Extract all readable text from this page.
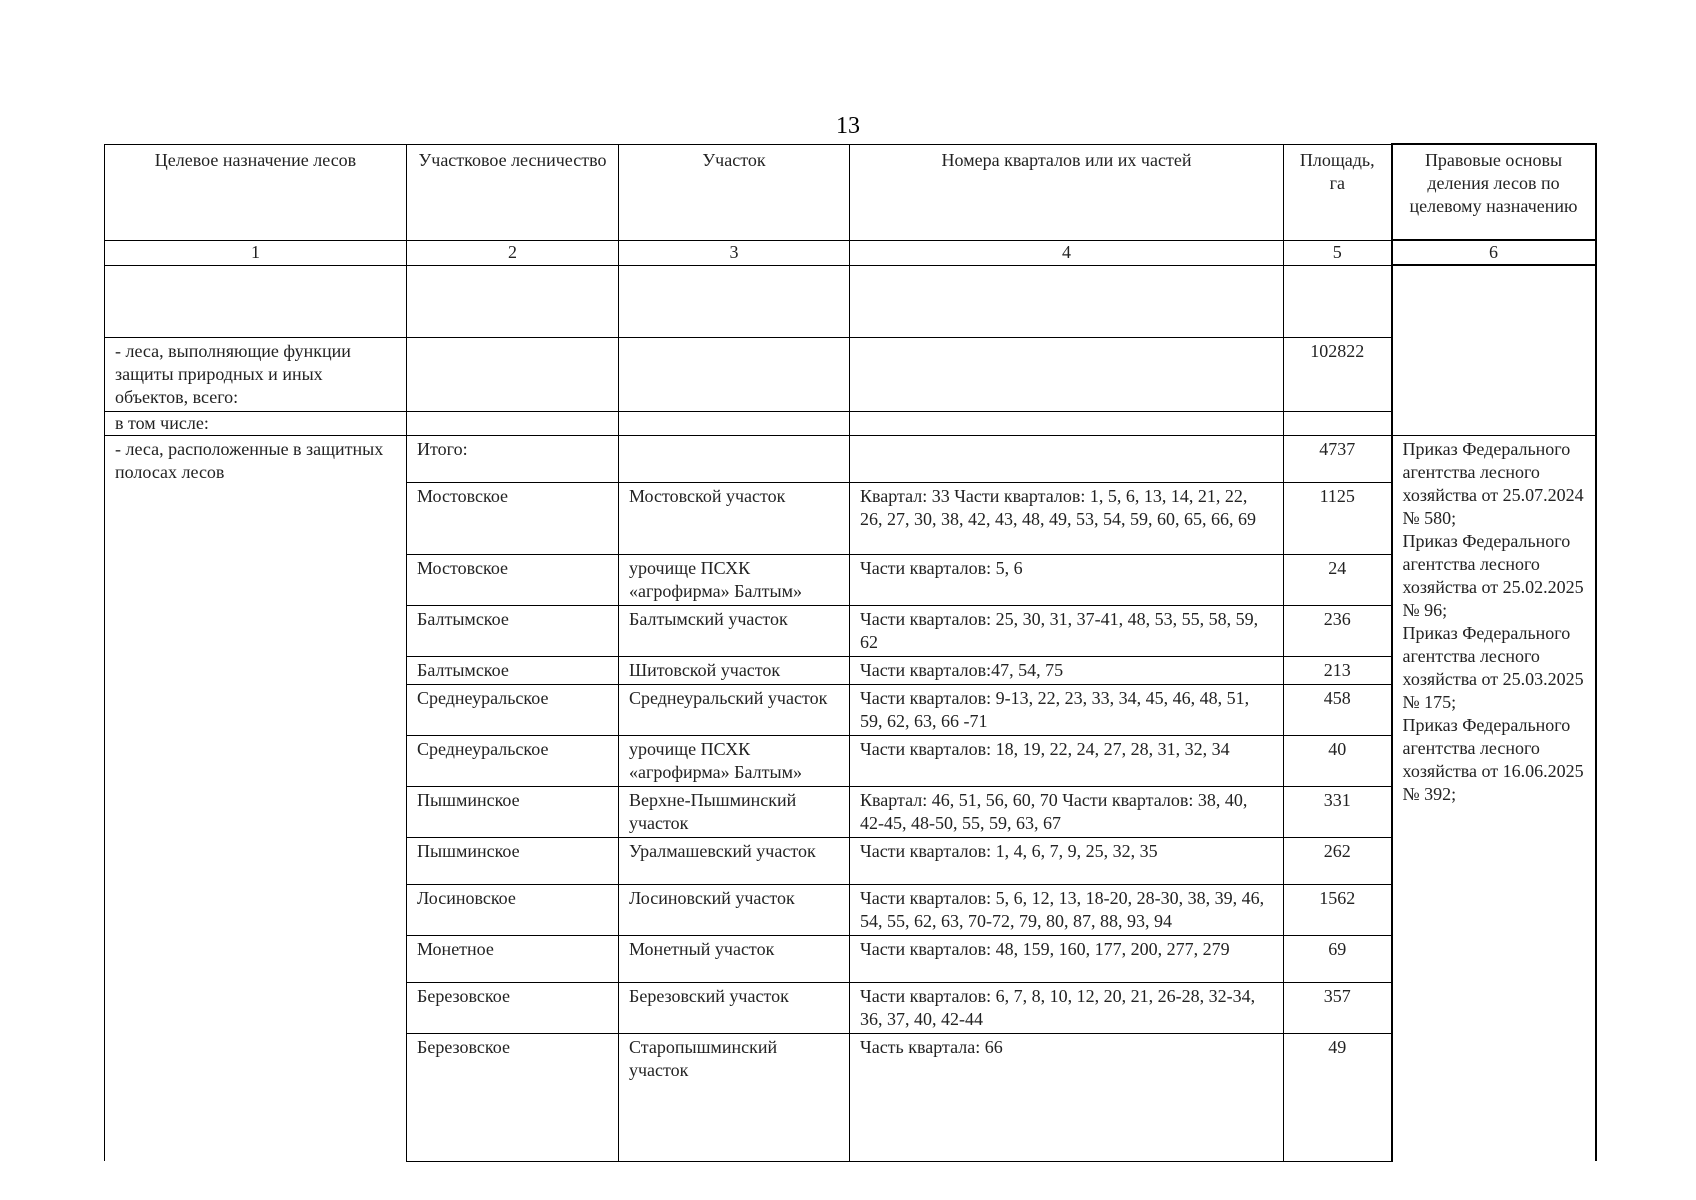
13
Целевое назначение лесов	Участковое лесничество	Участок	Номера кварталов или их частей	Площадь, га	Правовые основы деления лесов по целевому назначению
1	2	3	4	5	6

- леса, выполняющие функции защиты природных и иных объектов, всего:				102822	
в том числе:					
- леса, расположенные в защитных полосах лесов	Итого:			4737	Приказ Федерального агентства лесного хозяйства от 25.07.2024 № 580;
Приказ Федерального агентства лесного хозяйства от 25.02.2025 № 96;
Приказ Федерального агентства лесного хозяйства от 25.03.2025 № 175;
Приказ Федерального агентства лесного хозяйства от 16.06.2025 № 392;

	Мостовское	Мостовской участок	Квартал: 33 Части кварталов: 1, 5, 6, 13, 14, 21, 22, 26, 27, 30, 38, 42, 43, 48, 49, 53, 54, 59, 60, 65, 66, 69	1125	
	Мостовское	урочище ПСХК «агрофирма» Балтым»	Части кварталов: 5, 6	24	
	Балтымское	Балтымский участок	Части кварталов: 25, 30, 31, 37-41, 48, 53, 55, 58, 59, 62	236	
	Балтымское	Шитовской участок	Части кварталов:47, 54, 75	213	
	Среднеуральское	Среднеуральский участок	Части кварталов: 9-13, 22, 23, 33, 34, 45, 46, 48, 51, 59, 62, 63, 66 -71	458	
	Среднеуральское	урочище ПСХК «агрофирма» Балтым»	Части кварталов: 18, 19, 22, 24, 27, 28, 31, 32, 34	40	
	Пышминское	Верхне-Пышминский участок	Квартал: 46, 51, 56, 60, 70 Части кварталов: 38, 40, 42-45, 48-50, 55, 59, 63, 67	331	
	Пышминское	Уралмашевский участок	Части кварталов: 1, 4, 6, 7, 9, 25, 32, 35	262	
	Лосиновское	Лосиновский участок	Части кварталов: 5, 6, 12, 13, 18-20, 28-30, 38, 39, 46, 54, 55, 62, 63, 70-72, 79, 80, 87, 88, 93, 94	1562	
	Монетное	Монетный участок	Части кварталов: 48, 159, 160, 177, 200, 277, 279	69	
	Березовское	Березовский участок	Части кварталов: 6, 7, 8, 10, 12, 20, 21, 26-28, 32-34, 36, 37, 40, 42-44	357	
	Березовское	Старопышминский участок	Часть квартала: 66	49	
